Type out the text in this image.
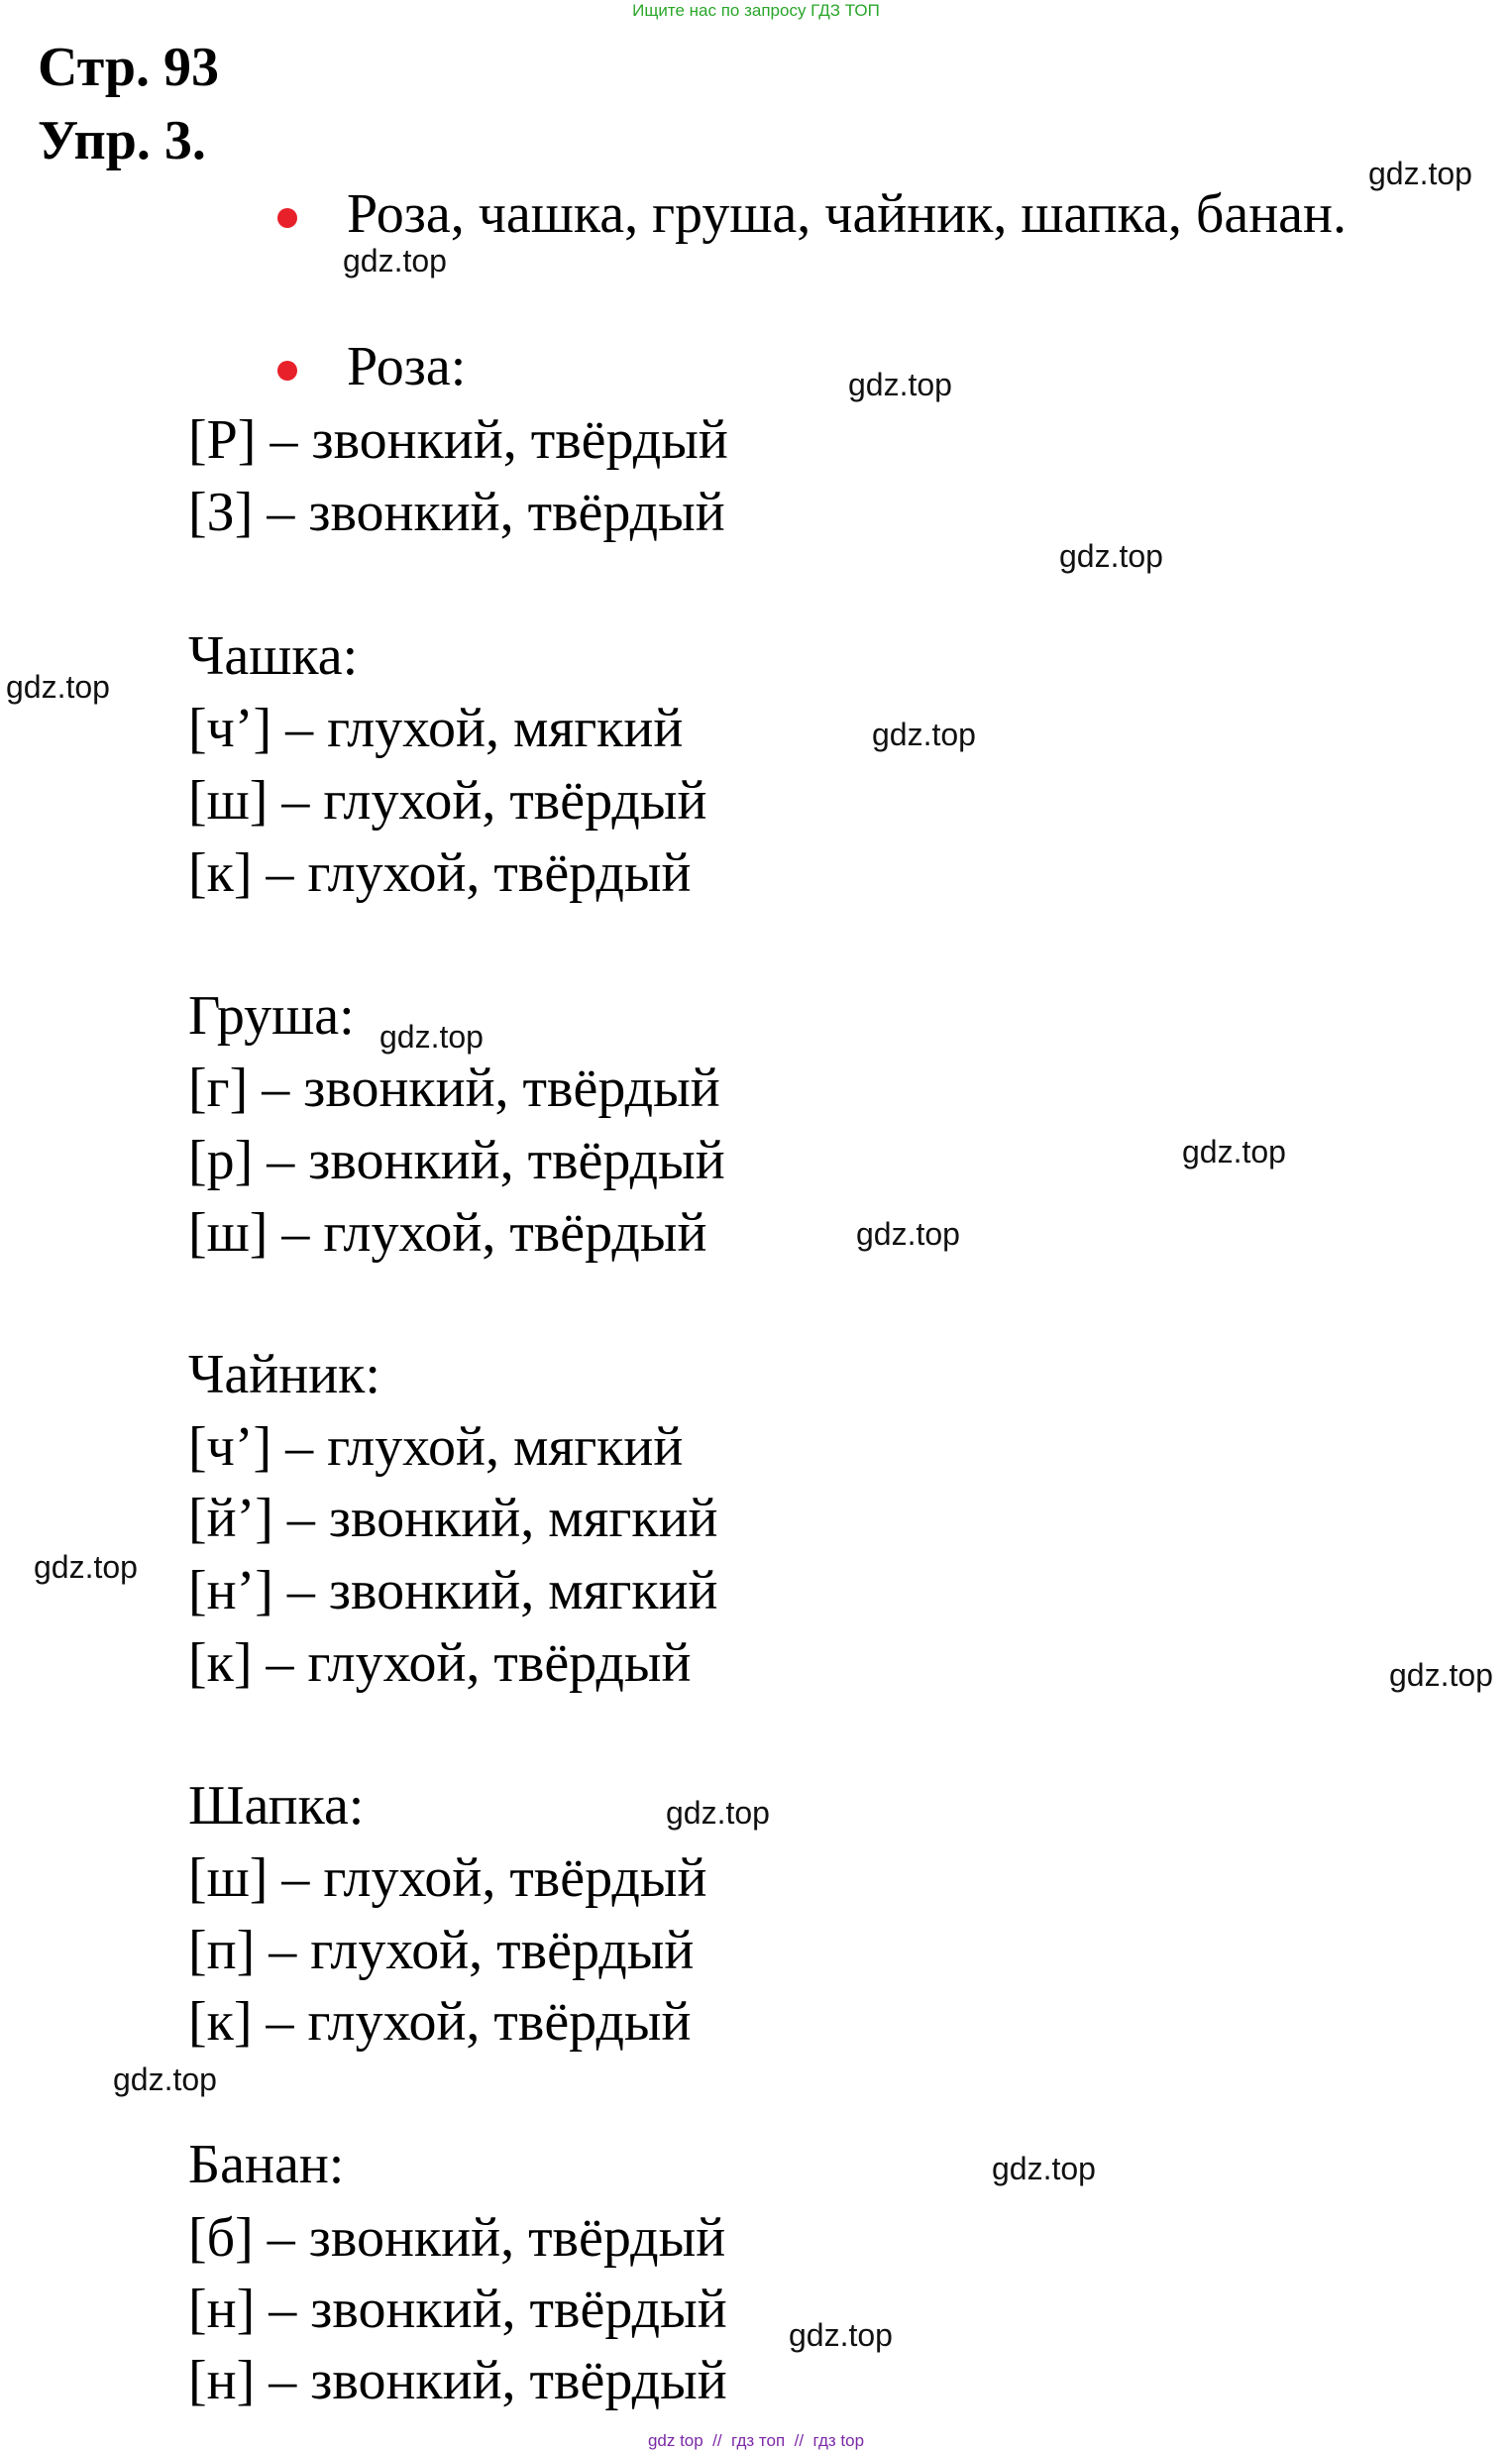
Ищите нас по запросу ГДЗ ТОП
Стр. 93
Упр. 3.
Роза, чашка, груша, чайник, шапка, банан.
Роза:
[Р] – звонкий, твёрдый
[З] – звонкий, твёрдый
Чашка:
[ч’] – глухой, мягкий
[ш] – глухой, твёрдый
[к] – глухой, твёрдый
Груша:
[г] – звонкий, твёрдый
[р] – звонкий, твёрдый
[ш] – глухой, твёрдый
Чайник:
[ч’] – глухой, мягкий
[й’] – звонкий, мягкий
[н’] – звонкий, мягкий
[к] – глухой, твёрдый
Шапка:
[ш] – глухой, твёрдый
[п] – глухой, твёрдый
[к] – глухой, твёрдый
Банан:
[б] – звонкий, твёрдый
[н] – звонкий, твёрдый
[н] – звонкий, твёрдый
gdz.top
gdz.top
gdz.top
gdz.top
gdz.top
gdz.top
gdz.top
gdz.top
gdz.top
gdz.top
gdz.top
gdz.top
gdz.top
gdz.top
gdz.top
gdz top  //  гдз топ  //  гдз top
